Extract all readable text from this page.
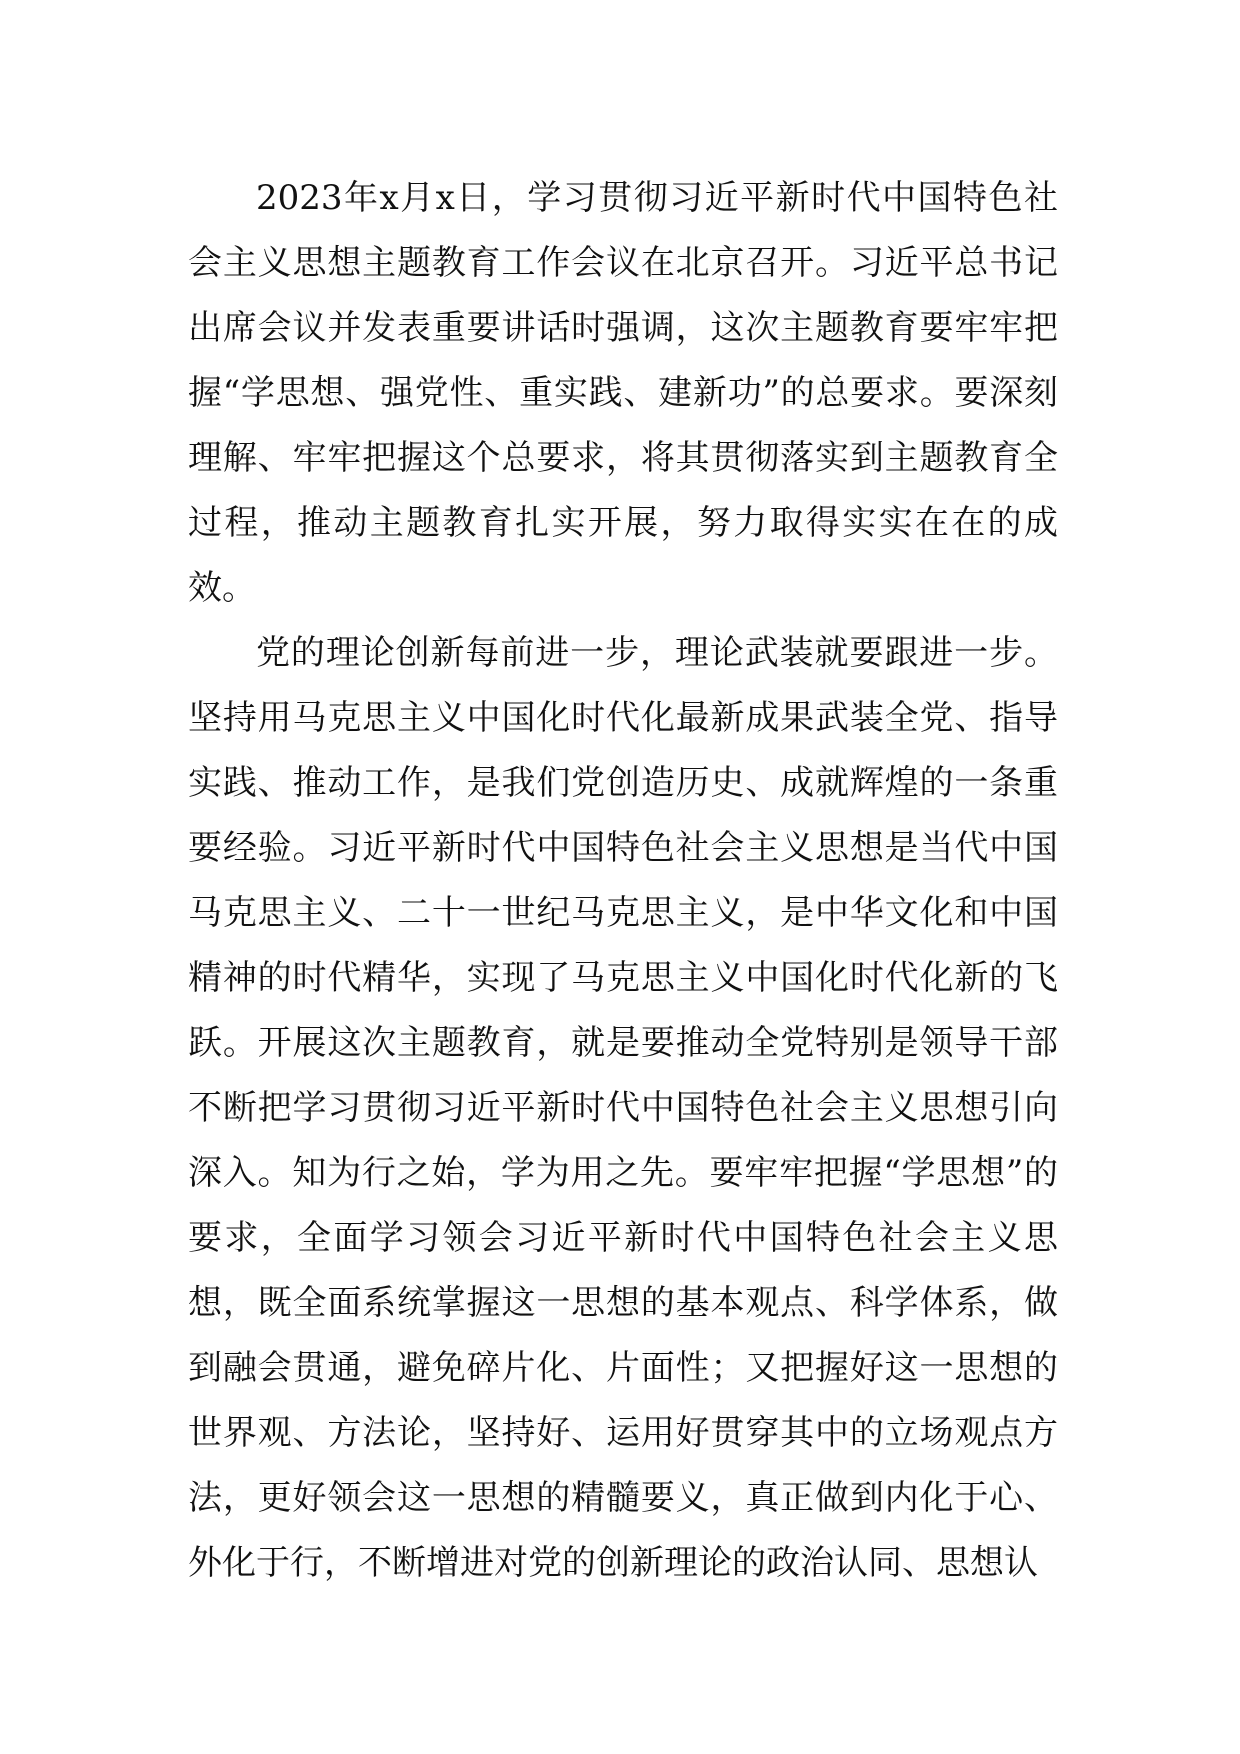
2023年x月x日，学习贯彻习近平新时代中国特色社会主义思想主题教育工作会议在北京召开。习近平总书记出席会议并发表重要讲话时强调，这次主题教育要牢牢把握“学思想、强党性、重实践、建新功”的总要求。要深刻理解、牢牢把握这个总要求，将其贯彻落实到主题教育全过程，推动主题教育扎实开展，努力取得实实在在的成效。

党的理论创新每前进一步，理论武装就要跟进一步。坚持用马克思主义中国化时代化最新成果武装全党、指导实践、推动工作，是我们党创造历史、成就辉煌的一条重要经验。习近平新时代中国特色社会主义思想是当代中国马克思主义、二十一世纪马克思主义，是中华文化和中国精神的时代精华，实现了马克思主义中国化时代化新的飞跃。开展这次主题教育，就是要推动全党特别是领导干部不断把学习贯彻习近平新时代中国特色社会主义思想引向深入。知为行之始，学为用之先。要牢牢把握“学思想”的要求，全面学习领会习近平新时代中国特色社会主义思想，既全面系统掌握这一思想的基本观点、科学体系，做到融会贯通，避免碎片化、片面性；又把握好这一思想的世界观、方法论，坚持好、运用好贯穿其中的立场观点方法，更好领会这一思想的精髓要义，真正做到内化于心、外化于行，不断增进对党的创新理论的政治认同、思想认
